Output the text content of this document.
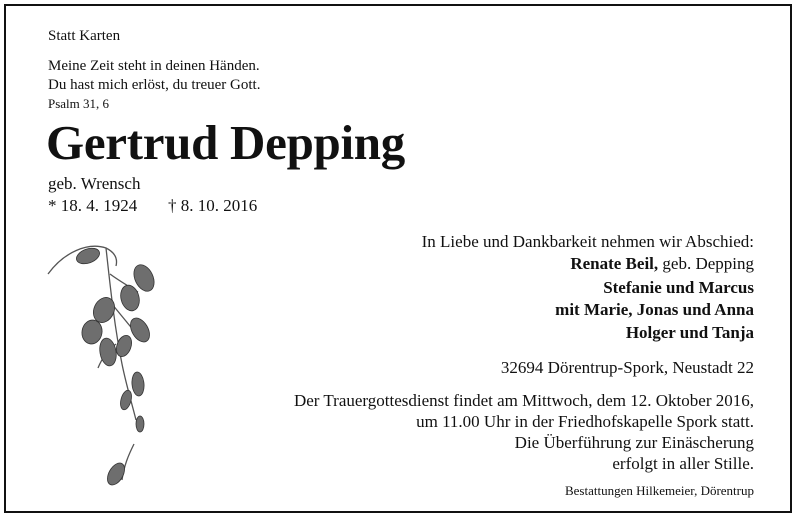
Statt Karten
Meine Zeit steht in deinen Händen.
Du hast mich erlöst, du treuer Gott.
Psalm 31, 6
Gertrud Depping
geb. Wrensch
* 18. 4. 1924 † 8. 10. 2016
In Liebe und Dankbarkeit nehmen wir Abschied:
Renate Beil, geb. Depping
Stefanie und Marcus
mit Marie, Jonas und Anna
Holger und Tanja
32694 Dörentrup-Spork, Neustadt 22
Der Trauergottesdienst findet am Mittwoch, dem 12. Oktober 2016,
um 11.00 Uhr in der Friedhofskapelle Spork statt.
Die Überführung zur Einäscherung
erfolgt in aller Stille.
Bestattungen Hilkemeier, Dörentrup
